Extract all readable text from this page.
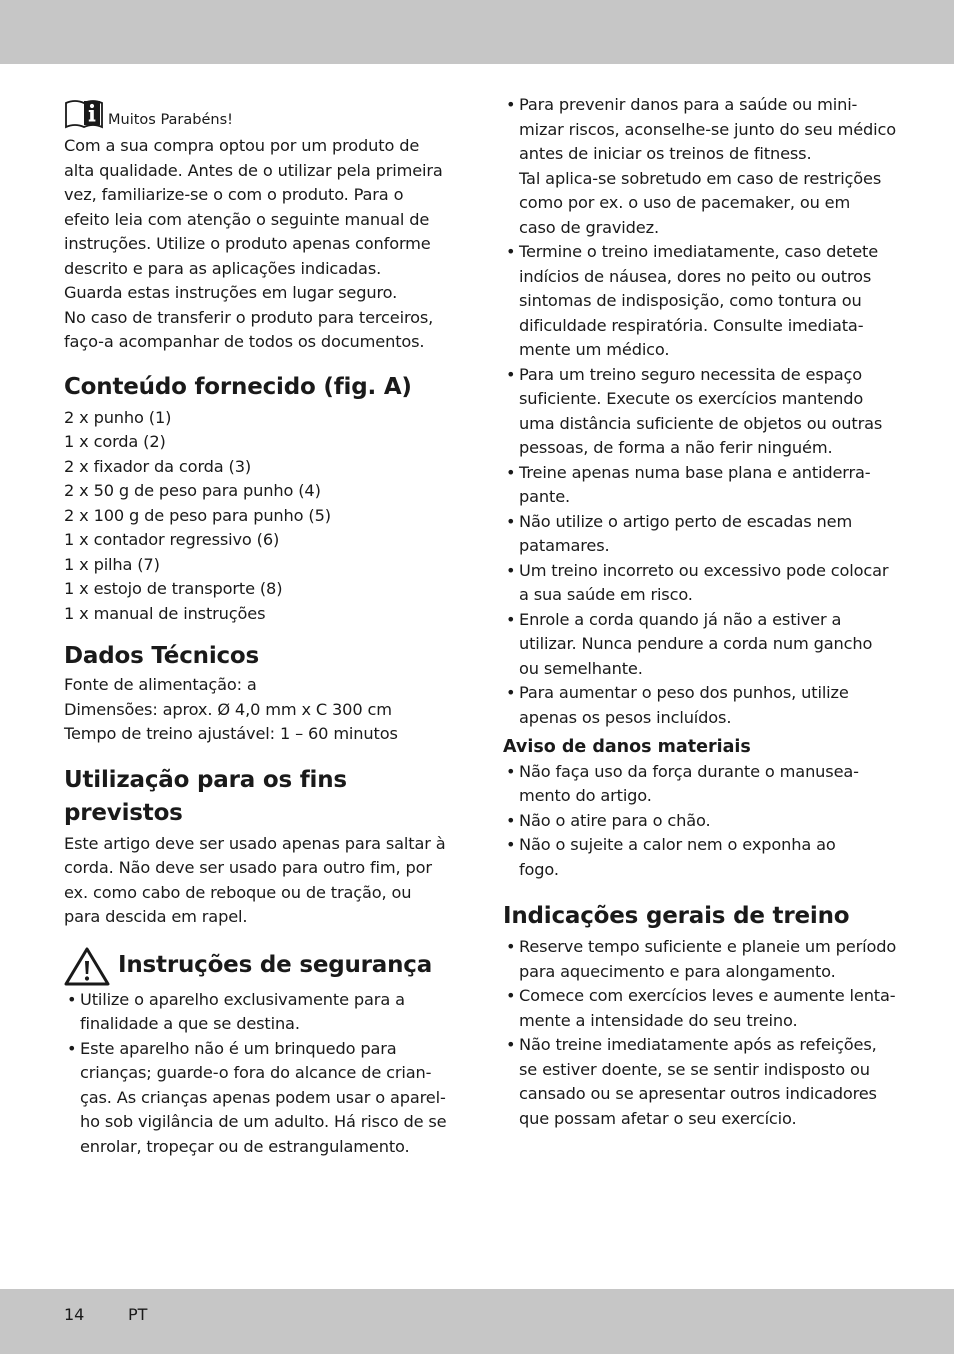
Muitos Parabéns!

Com a sua compra optou por um produto de

alta qualidade. Antes de o utilizar pela primeira

vez, familiarize-se o com o produto. Para o

efeito leia com atenção o seguinte manual de

instruções. Utilize o produto apenas conforme

descrito e para as aplicações indicadas.

Guarda estas instruções em lugar seguro.

No caso de transferir o produto para terceiros,

faço-a acompanhar de todos os documentos.

Conteúdo fornecido (fig. A)

2 x punho (1)

1 x corda (2)

2 x fixador da corda (3)

2 x 50 g de peso para punho (4)

2 x 100 g de peso para punho (5)

1 x contador regressivo (6)

1 x pilha (7)

1 x estojo de transporte (8)

1 x manual de instruções

Dados Técnicos

Fonte de alimentação: a

Dimensões: aprox. Ø 4,0 mm x C 300 cm

Tempo de treino ajustável: 1 – 60 minutos

Utilização para os fins
previstos

Este artigo deve ser usado apenas para saltar à

corda. Não deve ser usado para outro fim, por

ex. como cabo de reboque ou de tração, ou

para descida em rapel.

Instruções de segurança
• Utilize o aparelho exclusivamente para a

finalidade a que se destina.

• Este aparelho não é um brinquedo para

crianças; guarde-o fora do alcance de crian-

ças. As crianças apenas podem usar o aparel-

ho sob vigilância de um adulto. Há risco de se

enrolar, tropeçar ou de estrangulamento.

• Para prevenir danos para a saúde ou mini-

mizar riscos, aconselhe-se junto do seu médico

antes de iniciar os treinos de fitness.

Tal aplica-se sobretudo em caso de restrições

como por ex. o uso de pacemaker, ou em

caso de gravidez.

• Termine o treino imediatamente, caso detete

indícios de náusea, dores no peito ou outros

sintomas de indisposição, como tontura ou

dificuldade respiratória. Consulte imediata-

mente um médico.

• Para um treino seguro necessita de espaço

suficiente. Execute os exercícios mantendo

uma distância suficiente de objetos ou outras

pessoas, de forma a não ferir ninguém.

• Treine apenas numa base plana e antiderra-

pante.

• Não utilize o artigo perto de escadas nem

patamares.

• Um treino incorreto ou excessivo pode colocar

a sua saúde em risco.

• Enrole a corda quando já não a estiver a

utilizar. Nunca pendure a corda num gancho

ou semelhante.

• Para aumentar o peso dos punhos, utilize

apenas os pesos incluídos.

Aviso de danos materiais
• Não faça uso da força durante o manusea-

mento do artigo.

• Não o atire para o chão.

• Não o sujeite a calor nem o exponha ao

fogo.

Indicações gerais de treino
• Reserve tempo suficiente e planeie um período

para aquecimento e para alongamento.

• Comece com exercícios leves e aumente lenta-

mente a intensidade do seu treino.

• Não treine imediatamente após as refeições,

se estiver doente, se se sentir indisposto ou

cansado ou se apresentar outros indicadores

que possam afetar o seu exercício.

14	PT
